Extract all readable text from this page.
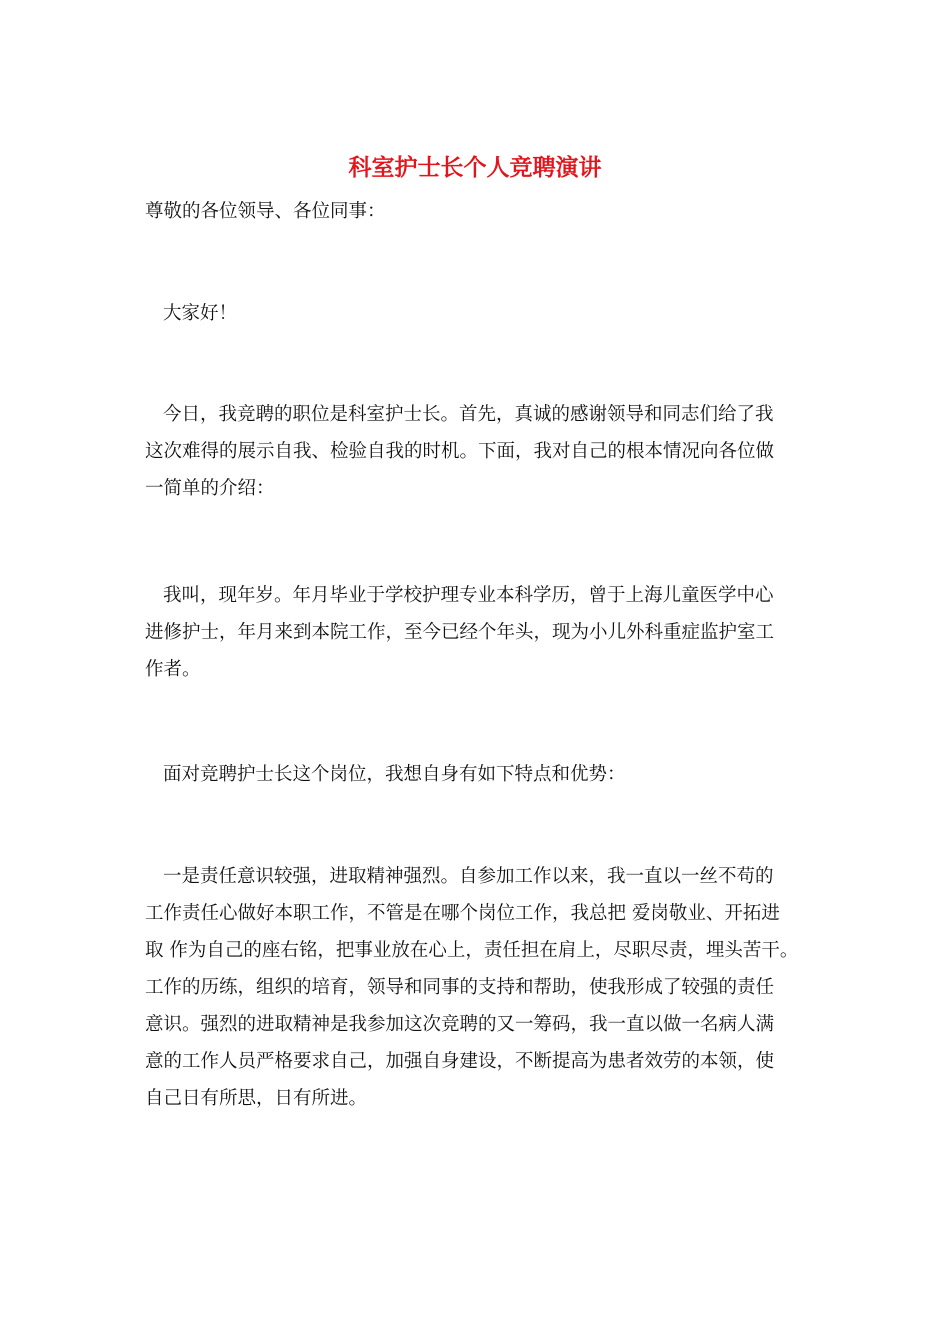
科室护士长个人竞聘演讲

尊敬的各位领导、各位同事：

大家好！

今日，我竞聘的职位是科室护士长。首先，真诚的感谢领导和同志们给了我
这次难得的展示自我、检验自我的时机。下面，我对自己的根本情况向各位做
一简单的介绍：

我叫，现年岁。年月毕业于学校护理专业本科学历，曾于上海儿童医学中心
进修护士，年月来到本院工作，至今已经个年头，现为小儿外科重症监护室工
作者。

面对竞聘护士长这个岗位，我想自身有如下特点和优势：

一是责任意识较强，进取精神强烈。自参加工作以来，我一直以一丝不苟的
工作责任心做好本职工作，不管是在哪个岗位工作，我总把 爱岗敬业、开拓进
取 作为自己的座右铭，把事业放在心上，责任担在肩上，尽职尽责，埋头苦干。
工作的历练，组织的培育，领导和同事的支持和帮助，使我形成了较强的责任
意识。强烈的进取精神是我参加这次竞聘的又一筹码，我一直以做一名病人满
意的工作人员严格要求自己，加强自身建设，不断提高为患者效劳的本领，使
自己日有所思，日有所进。
